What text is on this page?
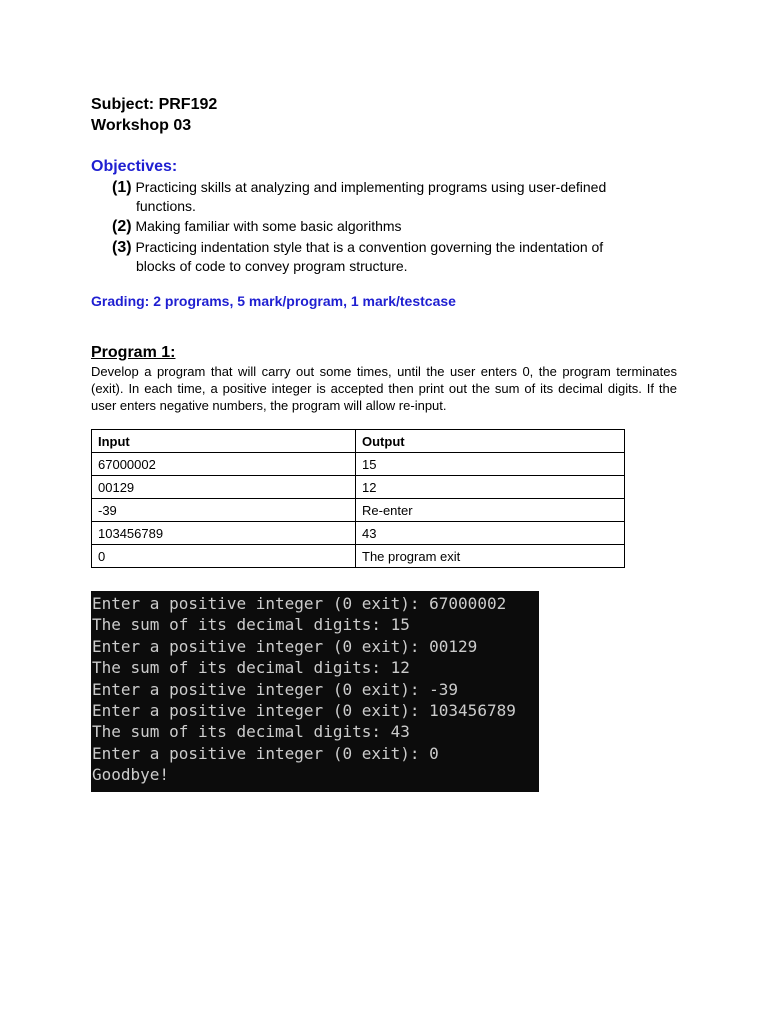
Subject: PRF192
Workshop 03
Objectives:
(1) Practicing skills at analyzing and implementing programs using user-defined
functions.
(2) Making familiar with some basic algorithms
(3) Practicing indentation style that is a convention governing the indentation of
blocks of code to convey program structure.
Grading: 2 programs, 5 mark/program, 1 mark/testcase
Program 1:
Develop a program that will carry out some times, until the user enters 0, the program terminates (exit). In each time, a positive integer is accepted then print out the sum of its decimal digits. If the user enters negative numbers, the program will allow re-input.
Input	Output
67000002	15
00129	12
-39	Re-enter
103456789	43
0	The program exit
Enter a positive integer (0 exit): 67000002
The sum of its decimal digits: 15
Enter a positive integer (0 exit): 00129
The sum of its decimal digits: 12
Enter a positive integer (0 exit): -39
Enter a positive integer (0 exit): 103456789
The sum of its decimal digits: 43
Enter a positive integer (0 exit): 0
Goodbye!
